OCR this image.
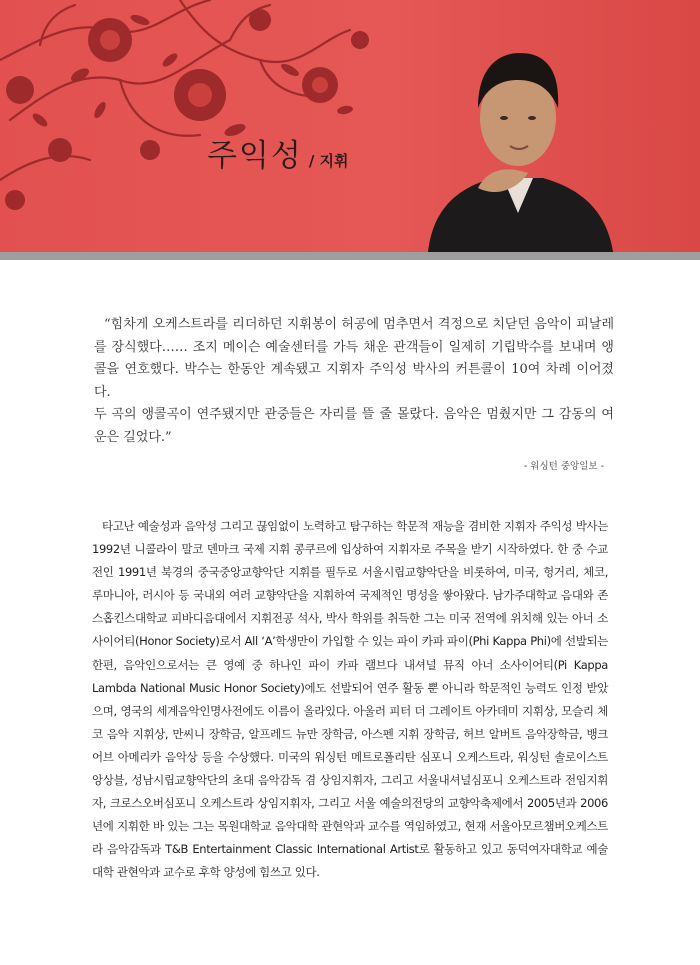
주익성 / 지휘

“힘차게 오케스트라를 리더하던 지휘봉이 허공에 멈추면서 격정으로 치닫던 음악이 피날레를 장식했다…… 조지 메이슨 예술센터를 가득 채운 관객들이 일제히 기립박수를 보내며 앵콜을 연호했다. 박수는 한동안 계속됐고 지휘자 주익성 박사의 커튼콜이 10여 차례 이어졌다.

두 곡의 앵콜곡이 연주됐지만 관중들은 자리를 뜰 줄 몰랐다. 음악은 멈췄지만 그 감동의 여운은 길었다.”

- 워싱턴 중앙일보 -

타고난 예술성과 음악성 그리고 끊임없이 노력하고 탐구하는 학문적 재능을 겸비한 지휘자 주익성 박사는 1992년 니콜라이 말코 덴마크 국제 지휘 콩쿠르에 입상하여 지휘자로 주목을 받기 시작하였다. 한 중 수교 전인 1991년 북경의 중국중앙교향악단 지휘를 필두로 서울시립교향악단을 비롯하여, 미국, 헝거리, 체코, 루마니아, 러시아 등 국내외 여러 교향악단을 지휘하여 국제적인 명성을 쌓아왔다. 남가주대학교 음대와 존스홉킨스대학교 피바디음대에서 지휘전공 석사, 박사 학위를 취득한 그는 미국 전역에 위치해 있는 아너 소사이어티(Honor Society)로서 All ‘A’학생만이 가입할 수 있는 파이 카파 파이(Phi Kappa Phi)에 선발되는 한편, 음악인으로서는 큰 영예 중 하나인 파이 카파 램브다 내셔널 뮤직 아너 소사이어티(Pi Kappa Lambda National Music Honor Society)에도 선발되어 연주 활동 뿐 아니라 학문적인 능력도 인정 받았으며, 영국의 세계음악인명사전에도 이름이 올라있다. 아울러 피터 더 그레이트 아카데미 지휘상, 모슬리 체코 음악 지휘상, 만씨니 장학금, 알프레드 뉴만 장학금, 아스펜 지휘 장학금, 허브 알버트 음악장학금, 뱅크 어브 아메리카 음악상 등을 수상했다. 미국의 워싱턴 메트로폴리탄 심포니 오케스트라, 워싱턴 솔로이스트 앙상블, 성남시립교향악단의 초대 음악감독 겸 상임지휘자, 그리고 서울내셔널심포니 오케스트라 전임지휘자, 크로스오버심포니 오케스트라 상임지휘자, 그리고 서울 예술의전당의 교향악축제에서 2005년과 2006년에 지휘한 바 있는 그는 목원대학교 음악대학 관현악과 교수를 역임하였고, 현재 서울아모르챔버오케스트라 음악감독과 T&B Entertainment Classic International Artist로 활동하고 있고 동덕여자대학교 예술대학 관현악과 교수로 후학 양성에 힘쓰고 있다.
